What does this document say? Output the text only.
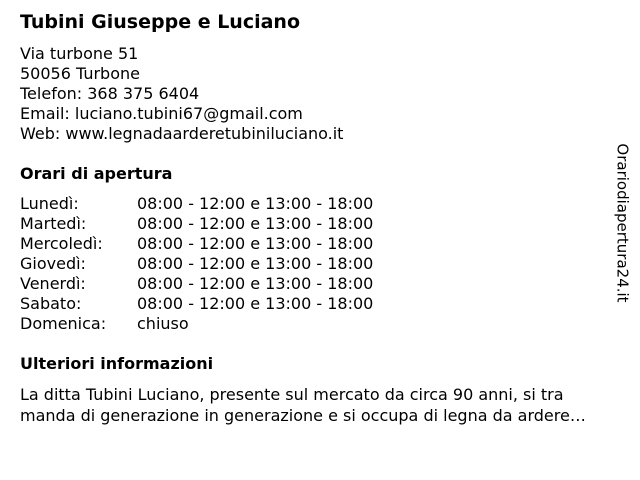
Tubini Giuseppe e Luciano
Via turbone 51
50056 Turbone
Telefon: 368 375 6404
Email: luciano.tubini67@gmail.com
Web: www.legnadaarderetubiniluciano.it
Orari di apertura
Lunedì:	08:00 - 12:00 e 13:00 - 18:00
Martedì:	08:00 - 12:00 e 13:00 - 18:00
Mercoledì:	08:00 - 12:00 e 13:00 - 18:00
Giovedì:	08:00 - 12:00 e 13:00 - 18:00
Venerdì:	08:00 - 12:00 e 13:00 - 18:00
Sabato:	08:00 - 12:00 e 13:00 - 18:00
Domenica:	chiuso
Ulteriori informazioni
La ditta Tubini Luciano, presente sul mercato da circa 90 anni, si tra
manda di generazione in generazione e si occupa di legna da ardere…
Orariodiapertura24.it
